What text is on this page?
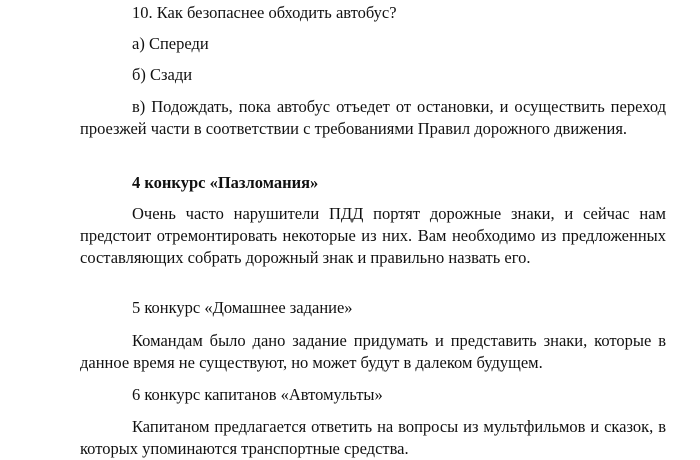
10. Как безопаснее обходить автобус?

а) Спереди

б) Сзади

в) Подождать, пока автобус отъедет от остановки, и осуществить переход проезжей части в соответствии с требованиями Правил дорожного движения.

4 конкурс «Пазломания»

Очень часто нарушители ПДД портят дорожные знаки, и сейчас нам предстоит отремонтировать некоторые из них. Вам необходимо из предложенных составляющих собрать дорожный знак и правильно назвать его.

5 конкурс «Домашнее задание»

Командам было дано задание придумать и представить знаки, которые в данное время не существуют, но может будут в далеком будущем.

6 конкурс капитанов «Автомульты»

Капитаном предлагается ответить на вопросы из мультфильмов и сказок, в которых упоминаются транспортные средства.
